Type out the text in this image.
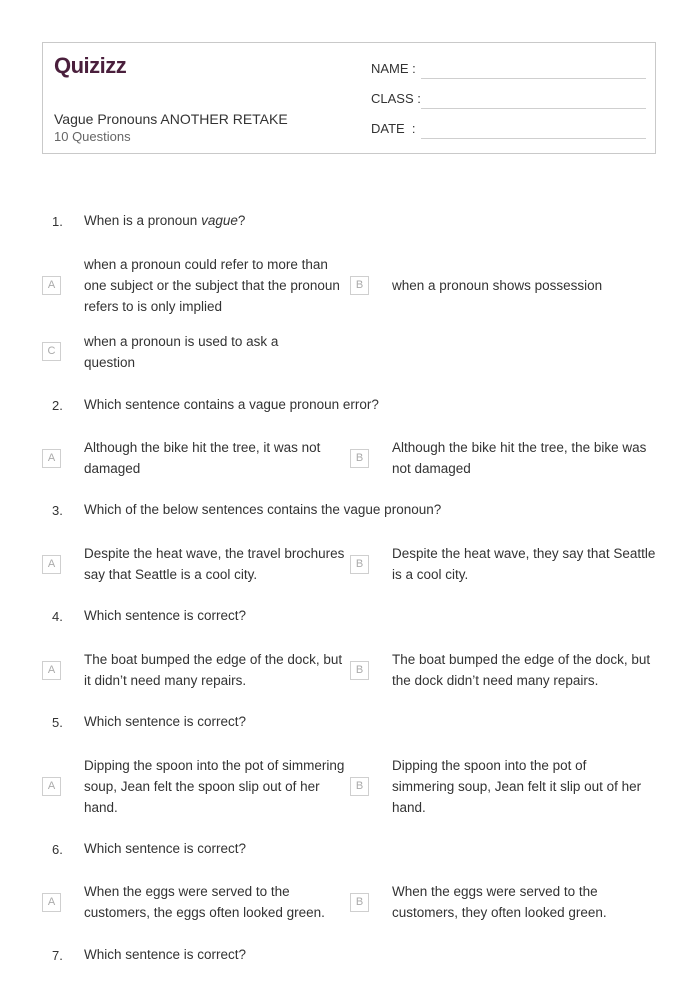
Quizizz
Vague Pronouns ANOTHER RETAKE
10 Questions
NAME :
CLASS :
DATE  :
1. When is a pronoun vague?
A
when a pronoun could refer to more than one subject or the subject that the pronoun refers to is only implied
B	when a pronoun shows possession
C
when a pronoun is used to ask a question
2. Which sentence contains a vague pronoun error?
A
Although the bike hit the tree, it was not damaged
B
Although the bike hit the tree, the bike was not damaged
3. Which of the below sentences contains the vague pronoun?
A
Despite the heat wave, the travel brochures say that Seattle is a cool city.
B
Despite the heat wave, they say that Seattle is a cool city.
4. Which sentence is correct?
A
The boat bumped the edge of the dock, but it didn’t need many repairs.
B
The boat bumped the edge of the dock, but the dock didn’t need many repairs.
5. Which sentence is correct?
A
Dipping the spoon into the pot of simmering soup, Jean felt the spoon slip out of her hand.
B
Dipping the spoon into the pot of simmering soup, Jean felt it slip out of her hand.
6. Which sentence is correct?
A
When the eggs were served to the customers, the eggs often looked green.
B
When the eggs were served to the customers, they often looked green.
7. Which sentence is correct?
